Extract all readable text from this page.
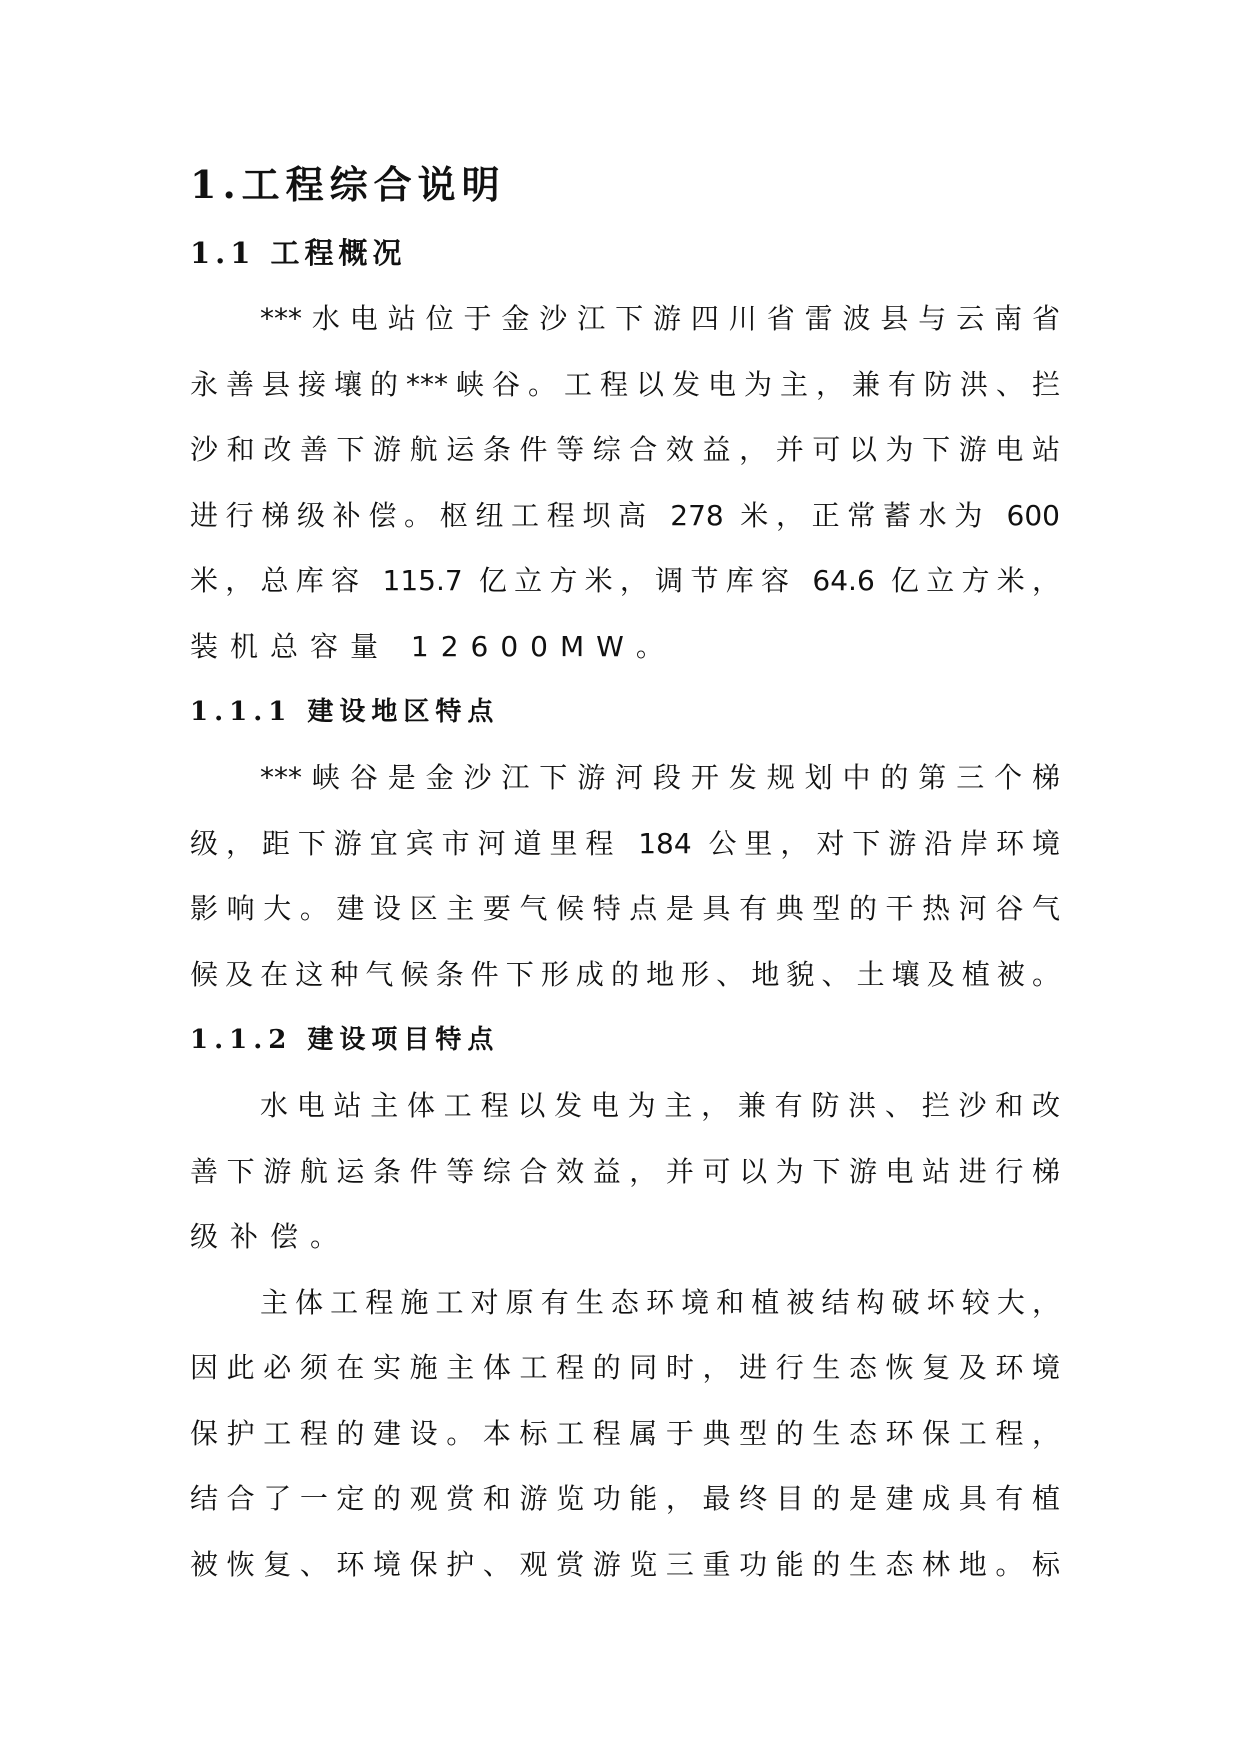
1.工程综合说明
1.1 工程概况
***水电站位于金沙江下游四川省雷波县与云南省
永善县接壤的***峡谷。工程以发电为主，兼有防洪、拦
沙和改善下游航运条件等综合效益，并可以为下游电站
进行梯级补偿。枢纽工程坝高 278 米，正常蓄水为 600
米，总库容 115.7 亿立方米，调节库容 64.6 亿立方米，
装机总容量 12600MW。
1.1.1 建设地区特点
***峡谷是金沙江下游河段开发规划中的第三个梯
级，距下游宜宾市河道里程 184 公里，对下游沿岸环境
影响大。建设区主要气候特点是具有典型的干热河谷气
候及在这种气候条件下形成的地形、地貌、土壤及植被。
1.1.2 建设项目特点
水电站主体工程以发电为主，兼有防洪、拦沙和改
善下游航运条件等综合效益，并可以为下游电站进行梯
级补偿。
主体工程施工对原有生态环境和植被结构破坏较大，
因此必须在实施主体工程的同时，进行生态恢复及环境
保护工程的建设。本标工程属于典型的生态环保工程，
结合了一定的观赏和游览功能，最终目的是建成具有植
被恢复、环境保护、观赏游览三重功能的生态林地。标
